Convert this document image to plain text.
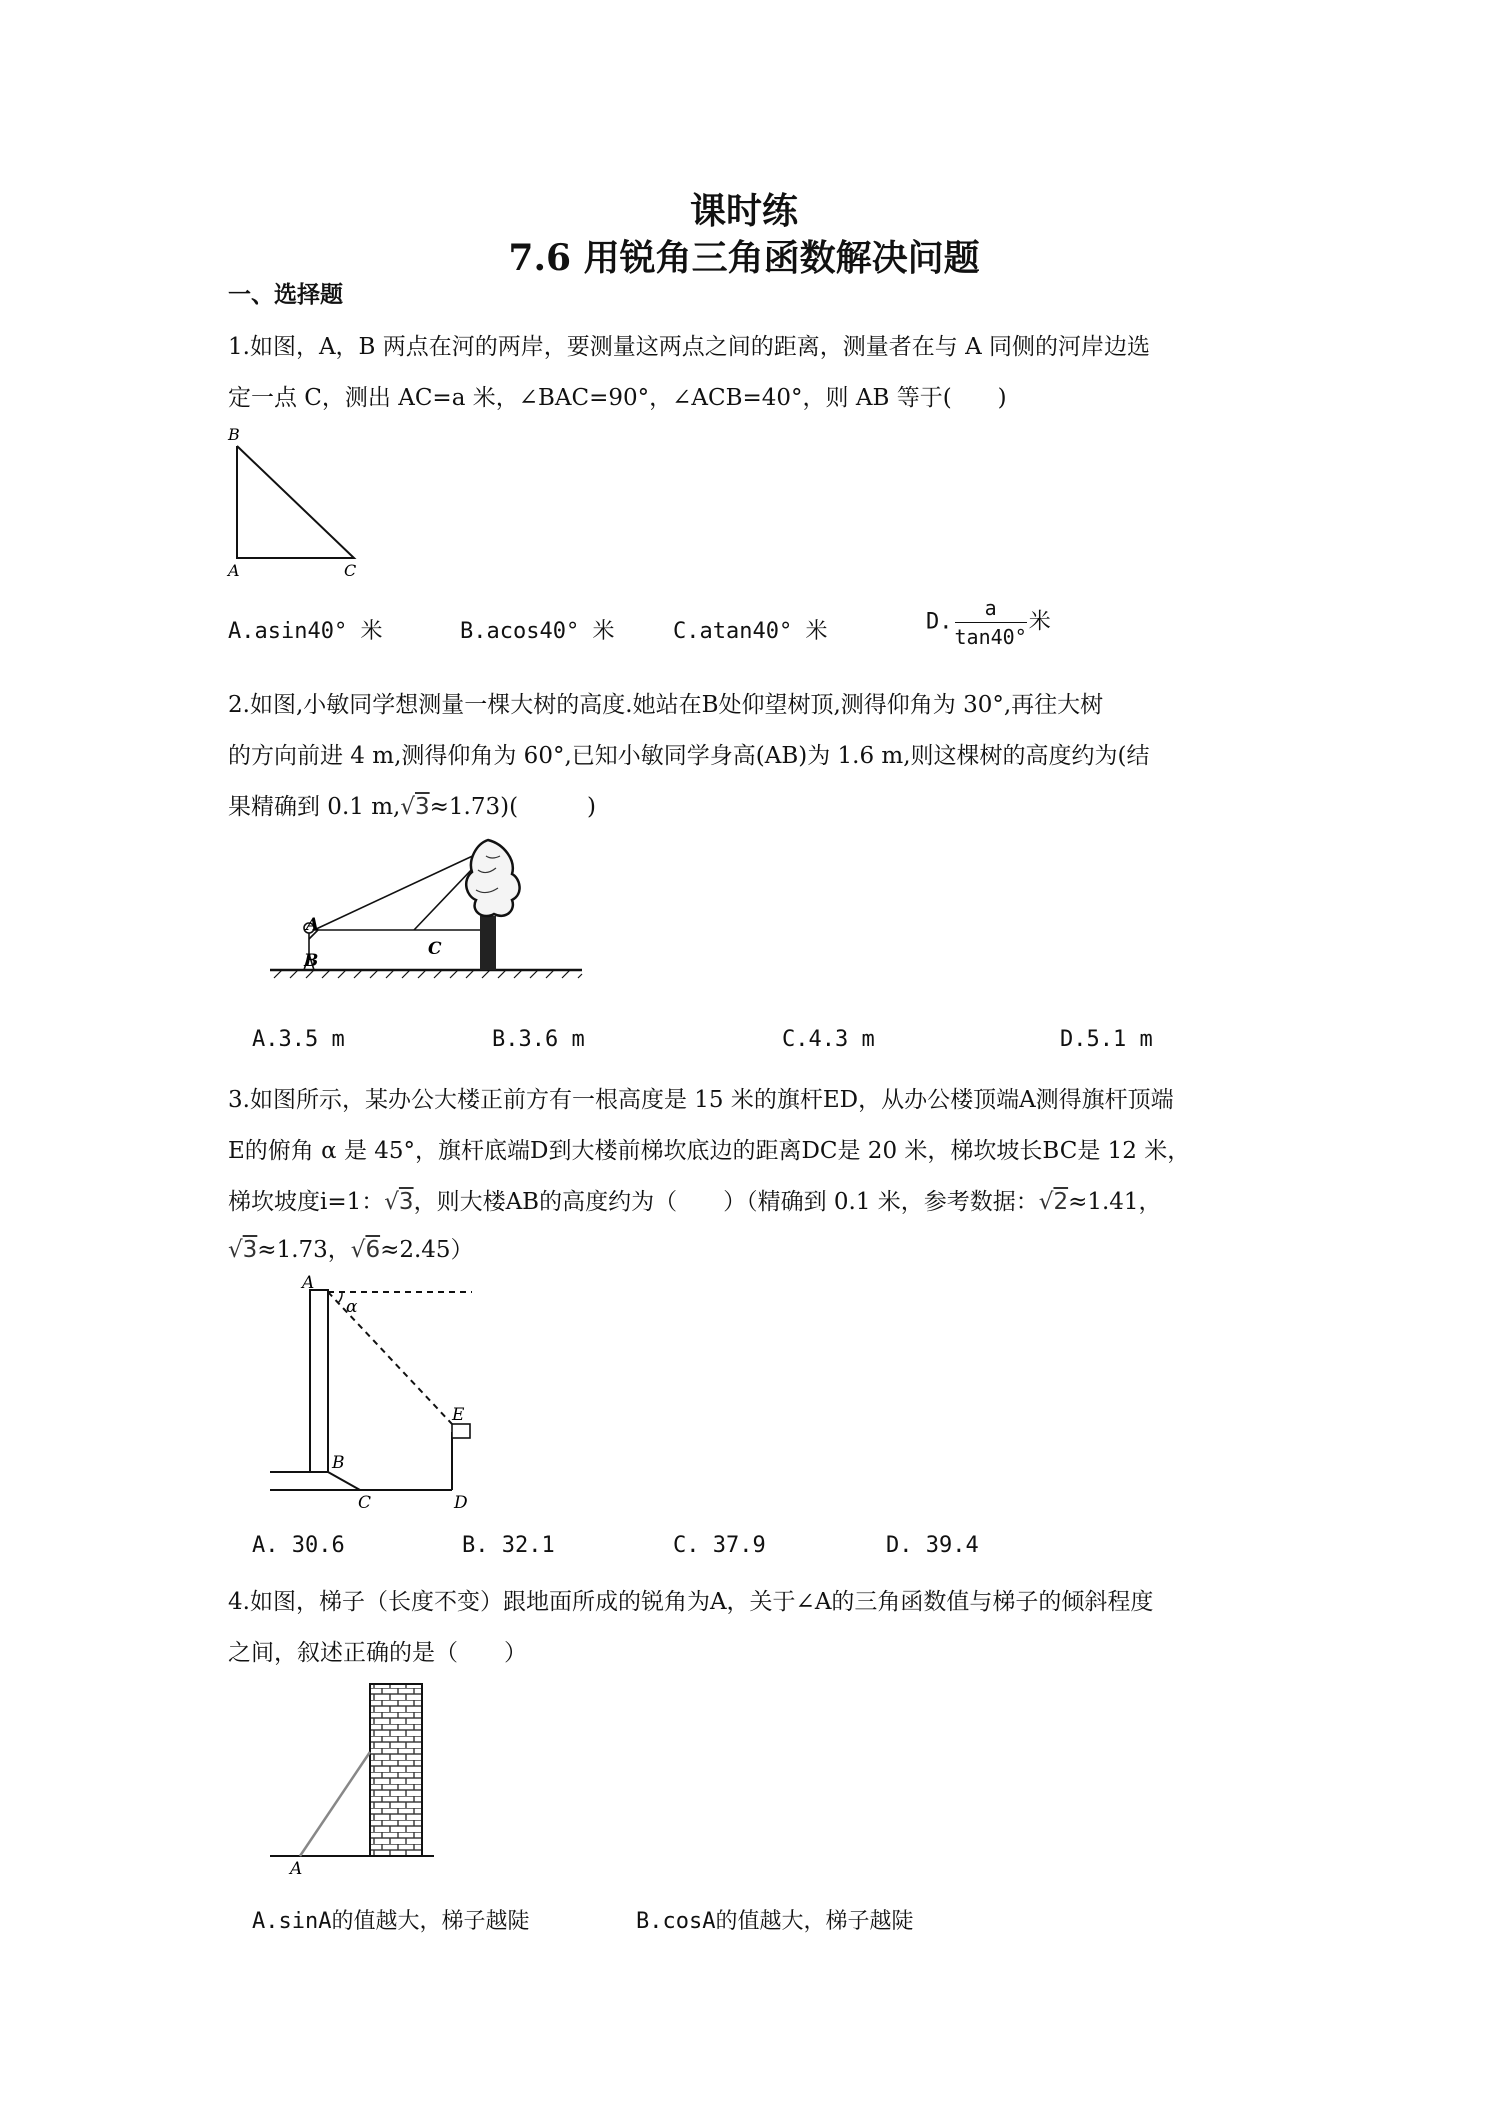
课时练
7.6 用锐角三角函数解决问题
一、选择题
1.如图，A，B 两点在河的两岸，要测量这两点之间的距离，测量者在与 A 同侧的河岸边选
定一点 C，测出 AC=a 米，∠BAC=90°，∠ACB=40°，则 AB 等于(　　)
B
A	C
A.asin40° 米	B.acos40° 米	C.atan40° 米	D. $\frac{a}{\tan 40^\circ}$ 米
2.如图,小敏同学想测量一棵大树的高度.她站在B处仰望树顶,测得仰角为 30°,再往大树
的方向前进 4 m,测得仰角为 60°,已知小敏同学身高(AB)为 1.6 m,则这棵树的高度约为(结
果精确到 0.1 m,√3≈1.73)(　　　)
A
B
C
A.3.5 m	B.3.6 m	C.4.3 m	D.5.1 m
3.如图所示，某办公大楼正前方有一根高度是 15 米的旗杆ED，从办公楼顶端A测得旗杆顶端
E的俯角 α 是 45°，旗杆底端D到大楼前梯坎底边的距离DC是 20 米，梯坎坡长BC是 12 米，
梯坎坡度i=1：√3，则大楼AB的高度约为（　　）（精确到 0.1 米，参考数据：√2≈1.41，
√3≈1.73，√6≈2.45）
A
α
E
B
C	D
A. 30.6	B. 32.1	C. 37.9	D. 39.4
4.如图，梯子（长度不变）跟地面所成的锐角为A，关于∠A的三角函数值与梯子的倾斜程度
之间，叙述正确的是（　　）
A
A.sinA的值越大，梯子越陡	B.cosA的值越大，梯子越陡
